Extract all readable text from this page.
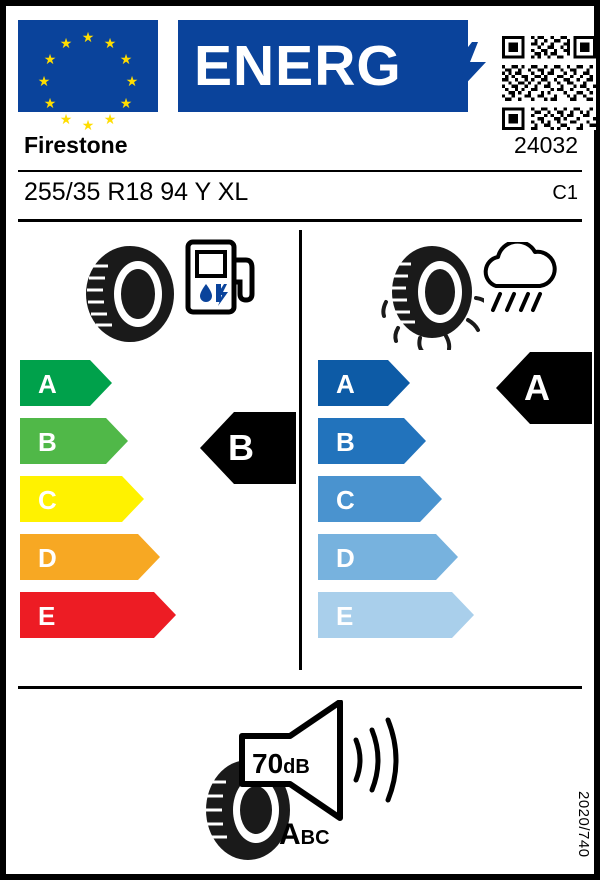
★ ★
★
★
★
★
★
★
★
★
★
★ ENERG
Firestone	24032
255/35 R18 94 Y XL	C1
A
B
C
D
E
A
B
C
D
E
B
A
70dB
ABC	2020/740
